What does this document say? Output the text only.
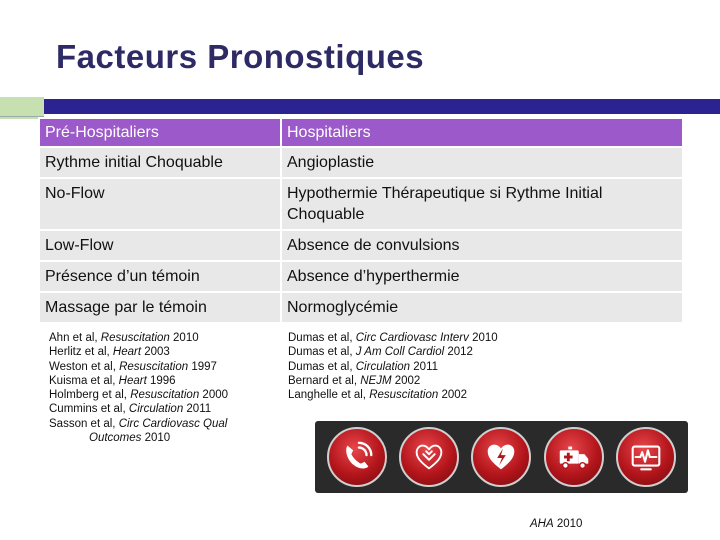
Facteurs Pronostiques
Pré-Hospitaliers	Hospitaliers
Rythme initial Choquable	Angioplastie
No-Flow	Hypothermie Thérapeutique si Rythme Initial Choquable
Low-Flow	Absence de convulsions
Présence d’un témoin	Absence d’hyperthermie
Massage par le témoin	Normoglycémie
Ahn et al, Resuscitation 2010
Herlitz et al, Heart 2003
Weston et al, Resuscitation 1997
Kuisma et al, Heart 1996
Holmberg et al, Resuscitation 2000
Cummins et al, Circulation 2011
Sasson et al, Circ Cardiovasc Qual
Outcomes 2010
Dumas et al, Circ Cardiovasc Interv 2010
Dumas et al, J Am Coll Cardiol 2012
Dumas et al, Circulation 2011
Bernard et al, NEJM 2002
Langhelle et al, Resuscitation 2002
AHA 2010
